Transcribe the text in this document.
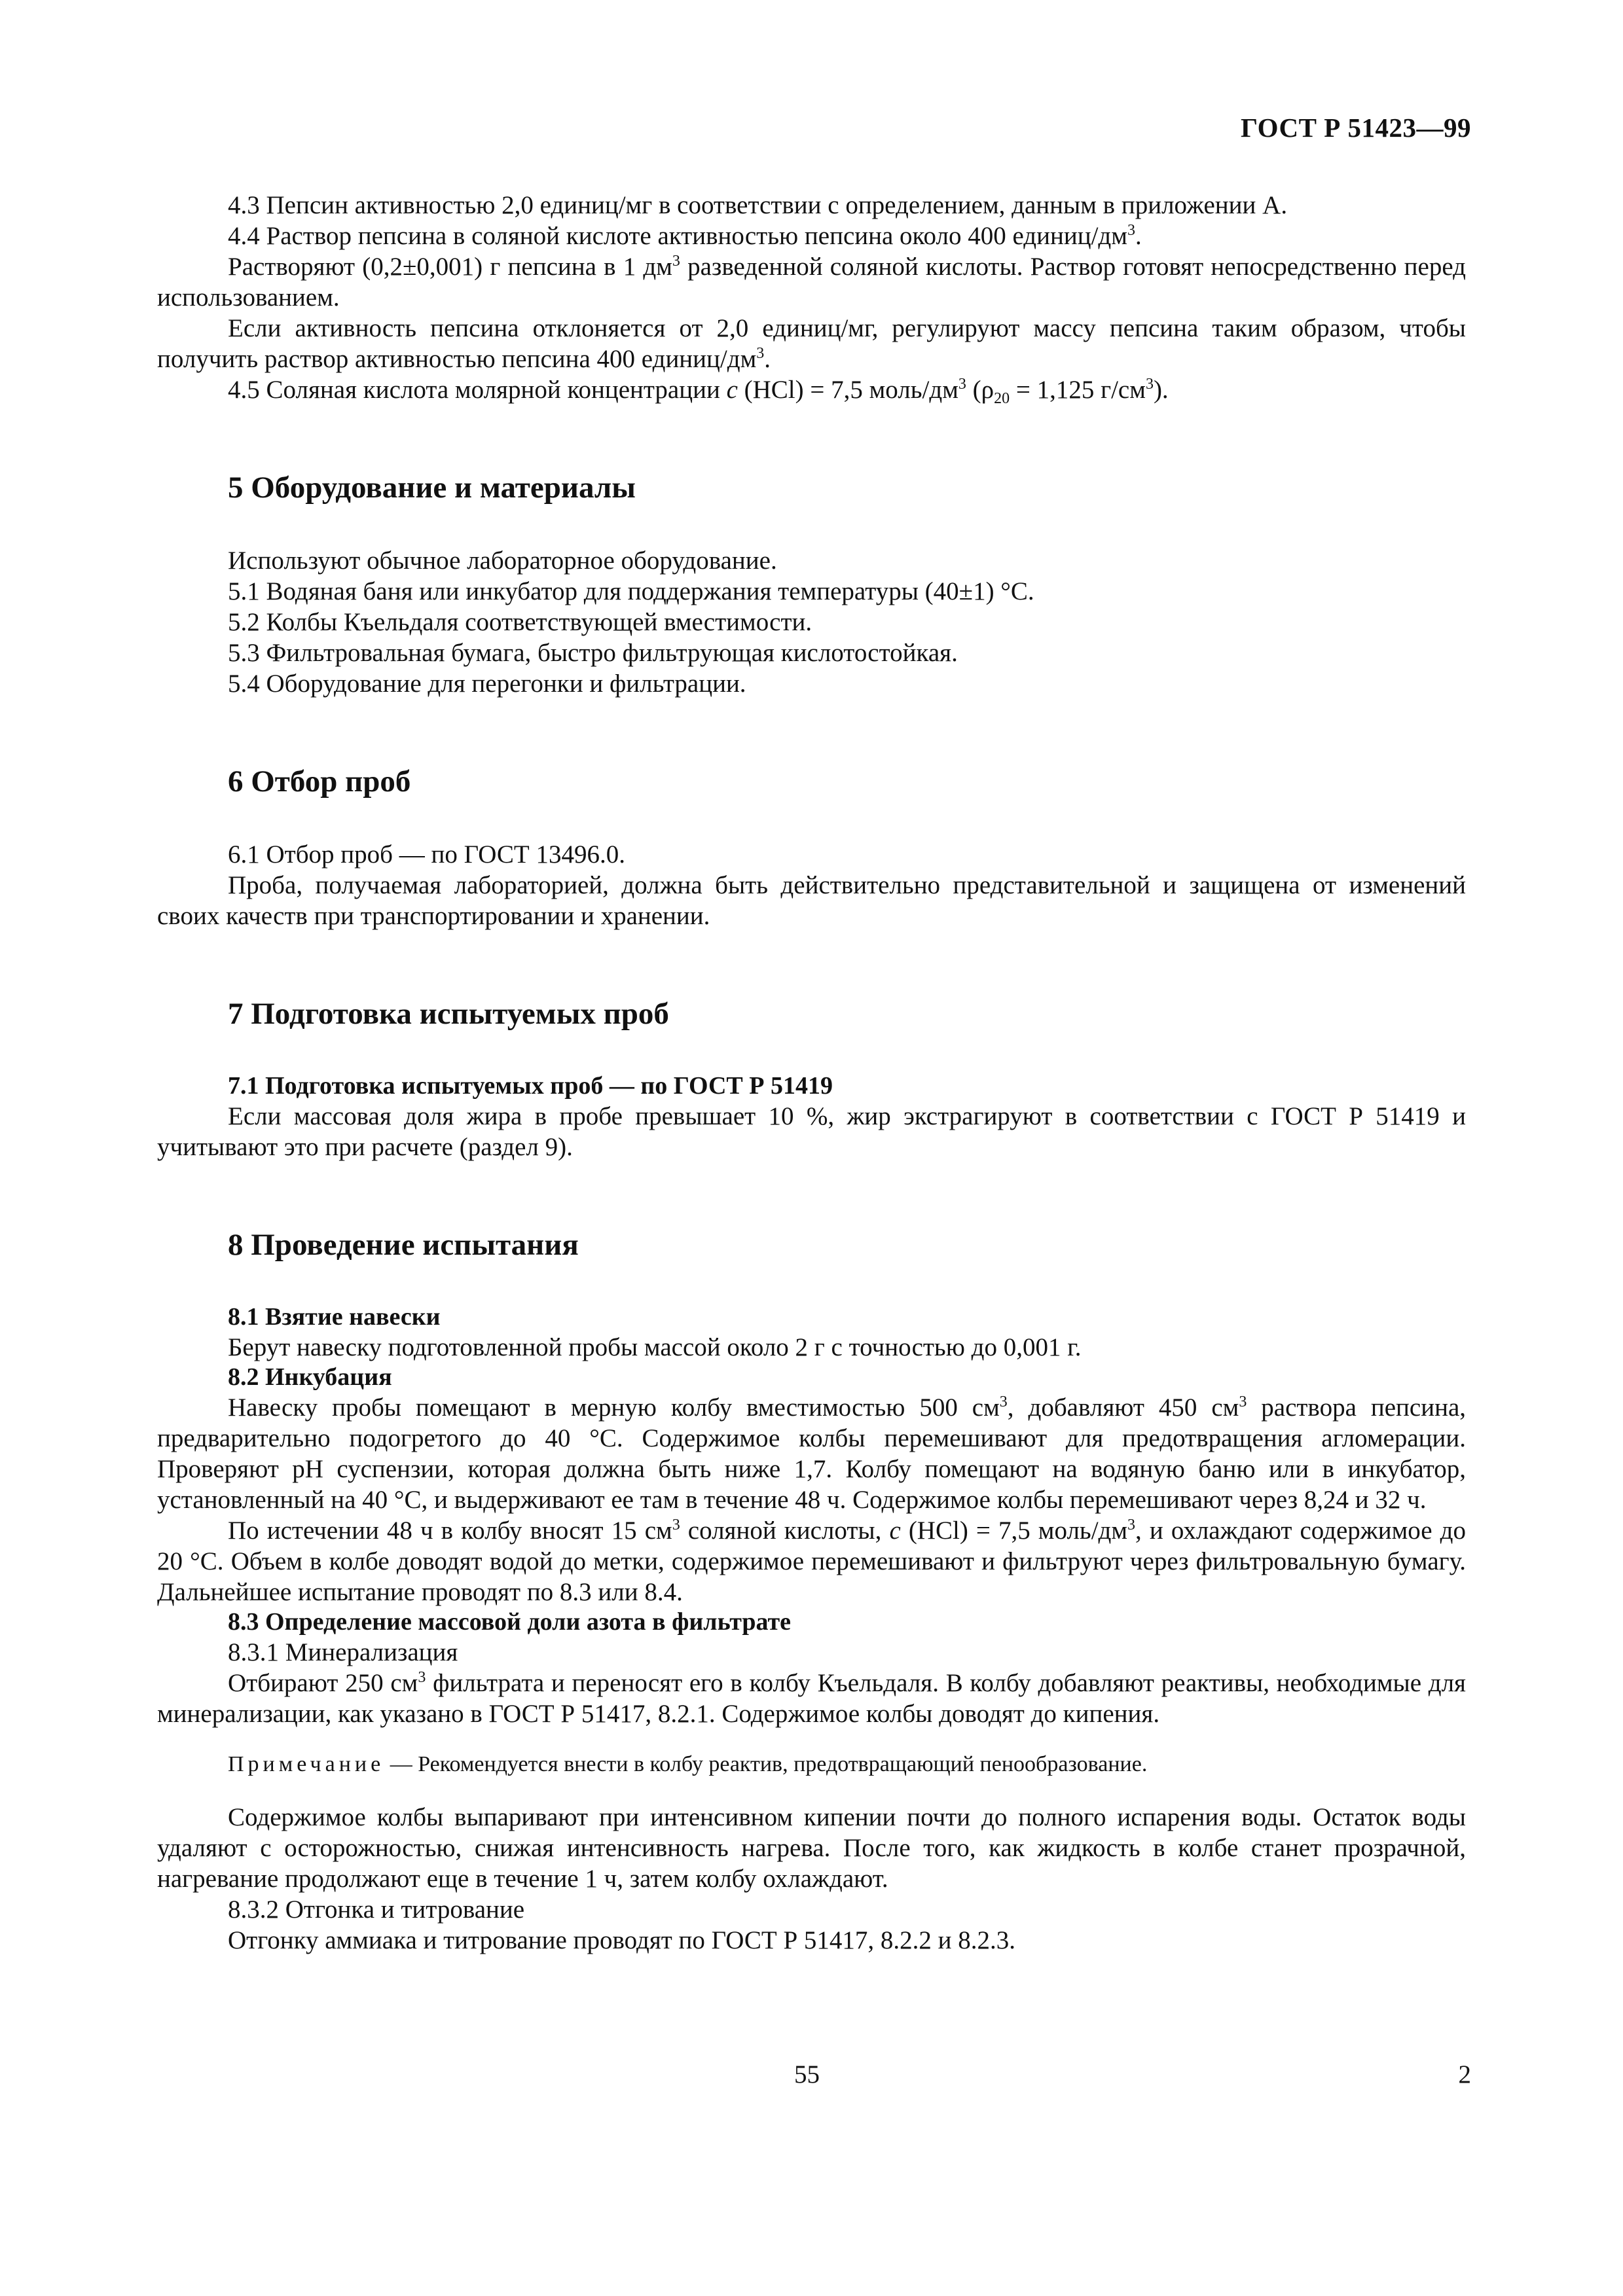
ГОСТ Р 51423—99

4.3 Пепсин активностью 2,0 единиц/мг в соответствии с определением, данным в приложении А.

4.4 Раствор пепсина в соляной кислоте активностью пепсина около 400 единиц/$дм^3$.

Растворяют (0,2±0,001) г пепсина в 1 $дм^3$ разведенной соляной кислоты. Раствор готовят непосредственно перед использованием.

Если активность пепсина отклоняется от 2,0 единиц/мг, регулируют массу пепсина таким образом, чтобы получить раствор активностью пепсина 400 единиц/$дм^3$.

4.5 Соляная кислота молярной концентрации c (HCl) = 7,5 моль/$дм^3$ ($\rho_{20} = 1,125$ $г/см^3$).

5 Оборудование и материалы

Используют обычное лабораторное оборудование.

5.1 Водяная баня или инкубатор для поддержания температуры (40±1) °С.

5.2 Колбы Къельдаля соответствующей вместимости.

5.3 Фильтровальная бумага, быстро фильтрующая кислотостойкая.

5.4 Оборудование для перегонки и фильтрации.

6 Отбор проб

6.1 Отбор проб — по ГОСТ 13496.0.

Проба, получаемая лабораторией, должна быть действительно представительной и защищена от изменений своих качеств при транспортировании и хранении.

7 Подготовка испытуемых проб
7.1 Подготовка испытуемых проб — по ГОСТ Р 51419

Если массовая доля жира в пробе превышает 10 %, жир экстрагируют в соответствии с ГОСТ Р 51419 и учитывают это при расчете (раздел 9).

8 Проведение испытания
8.1 Взятие навески

Берут навеску подготовленной пробы массой около 2 г с точностью до 0,001 г.

8.2 Инкубация

Навеску пробы помещают в мерную колбу вместимостью 500 $см^3$, добавляют 450 $см^3$ раствора пепсина, предварительно подогретого до 40 °С. Содержимое колбы перемешивают для предотвращения агломерации. Проверяют pH суспензии, которая должна быть ниже 1,7. Колбу помещают на водяную баню или в инкубатор, установленный на 40 °С, и выдерживают ее там в течение 48 ч. Содержимое колбы перемешивают через 8,24 и 32 ч.

По истечении 48 ч в колбу вносят 15 $см^3$ соляной кислоты, c (HCl) = 7,5 моль/$дм^3$, и охлаждают содержимое до 20 °С. Объем в колбе доводят водой до метки, содержимое перемешивают и фильтруют через фильтровальную бумагу. Дальнейшее испытание проводят по 8.3 или 8.4.

8.3 Определение массовой доли азота в фильтрате

8.3.1 Минерализация

Отбирают 250 $см^3$ фильтрата и переносят его в колбу Къельдаля. В колбу добавляют реактивы, необходимые для минерализации, как указано в ГОСТ Р 51417, 8.2.1. Содержимое колбы доводят до кипения.

Примечание — Рекомендуется внести в колбу реактив, предотвращающий пенообразование.

Содержимое колбы выпаривают при интенсивном кипении почти до полного испарения воды. Остаток воды удаляют с осторожностью, снижая интенсивность нагрева. После того, как жидкость в колбе станет прозрачной, нагревание продолжают еще в течение 1 ч, затем колбу охлаждают.

8.3.2 Отгонка и титрование

Отгонку аммиака и титрование проводят по ГОСТ Р 51417, 8.2.2 и 8.2.3.

55	2
